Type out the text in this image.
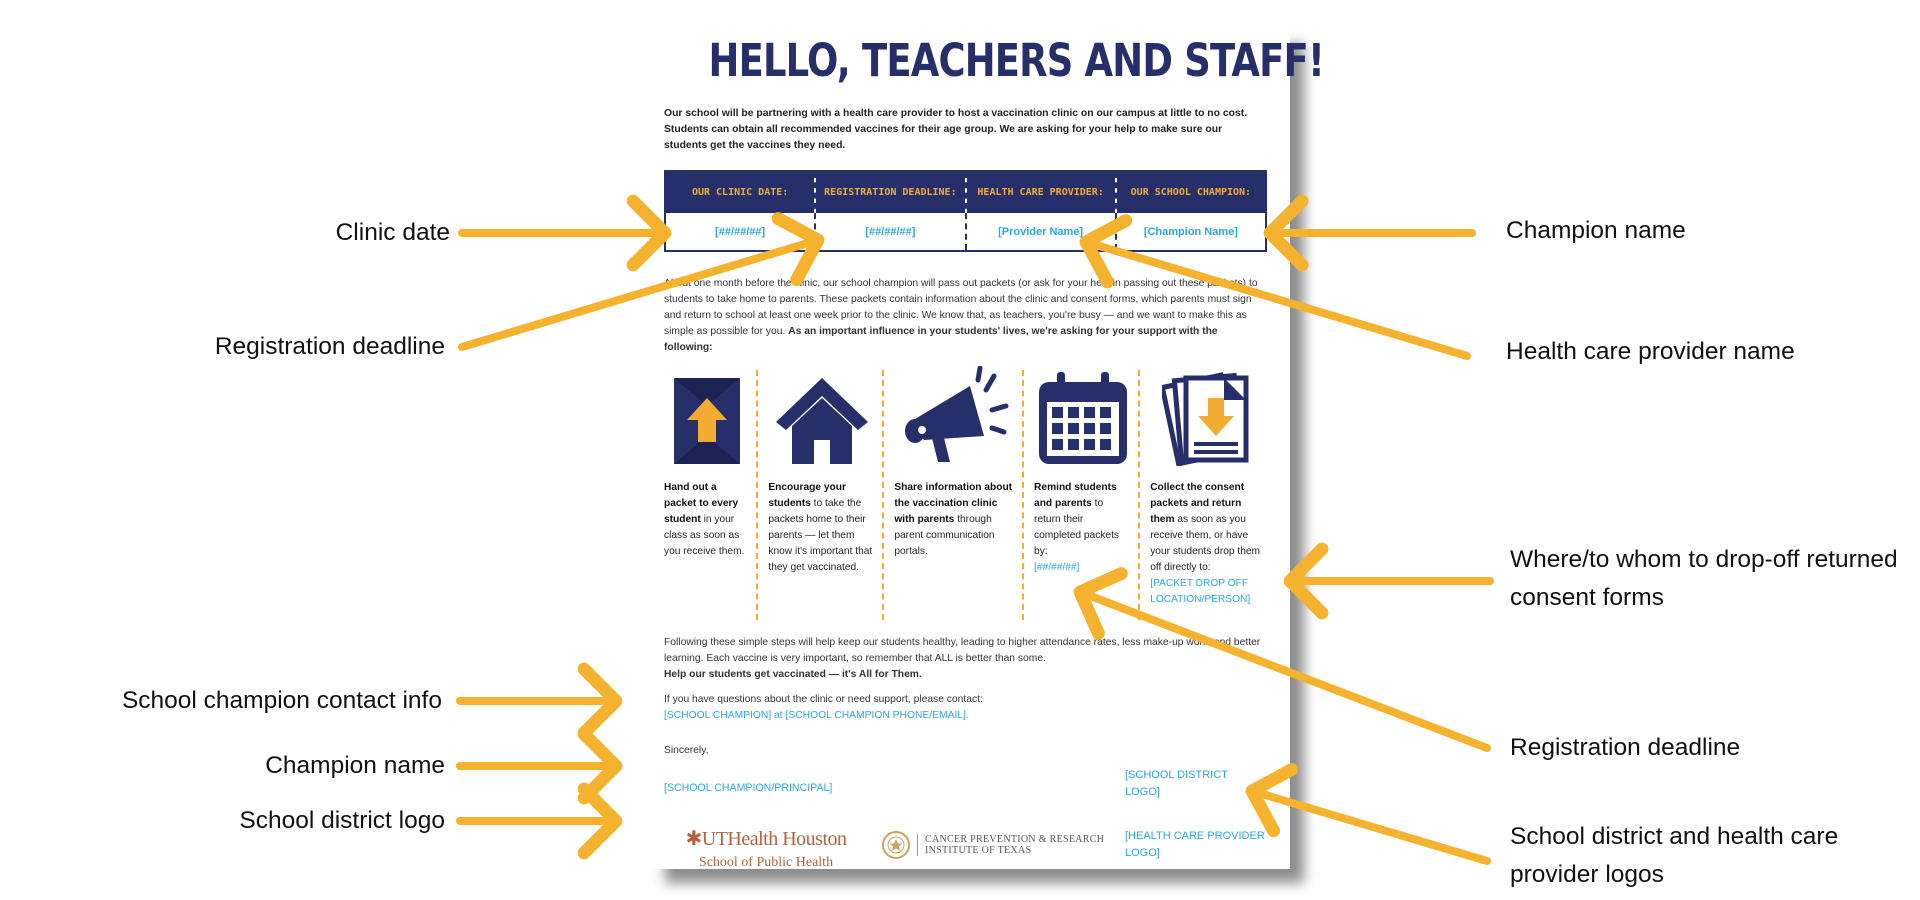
HELLO, TEACHERS AND STAFF!

Our school will be partnering with a health care provider to host a vaccination clinic on our campus at little to no cost. Students can obtain all recommended vaccines for their age group. We are asking for your help to make sure our students get the vaccines they need.

OUR CLINIC DATE:
[##/##/##]
REGISTRATION DEADLINE:
[##/##/##]
HEALTH CARE PROVIDER:
[Provider Name]
OUR SCHOOL CHAMPION:
[Champion Name]

About one month before the clinic, our school champion will pass out packets (or ask for your help in passing out these packets) to students to take home to parents. These packets contain information about the clinic and consent forms, which parents must sign and return to school at least one week prior to the clinic. We know that, as teachers, you're busy — and we want to make this as simple as possible for you. As an important influence in your students' lives, we're asking for your support with the following:

Hand out a packet to every student in your class as soon as you receive them.
Encourage your students to take the packets home to their parents — let them know it's important that they get vaccinated.
Share information about the vaccination clinic with parents through parent communication portals.
Remind students and parents to return their completed packets by:
[##/##/##]
Collect the consent packets and return them as soon as you receive them, or have your students drop them off directly to:
[PACKET DROP OFF LOCATION/PERSON]

Following these simple steps will help keep our students healthy, leading to higher attendance rates, less make-up work, and better learning. Each vaccine is very important, so remember that ALL is better than some.
Help our students get vaccinated — it's All for Them.

If you have questions about the clinic or need support, please contact:
[SCHOOL CHAMPION] at [SCHOOL CHAMPION PHONE/EMAIL].

Sincerely,

[SCHOOL CHAMPION/PRINCIPAL]

[SCHOOL DISTRICT LOGO]

[HEALTH CARE PROVIDER LOGO]

✱UTHealth Houston
School of Public Health
CANCER PREVENTION & RESEARCH
INSTITUTE OF TEXAS
Clinic date
Registration deadline
School champion contact info
Champion name
School district logo
Champion name
Health care provider name
Where/to whom to drop-off returned consent forms
Registration deadline
School district and health care provider logos
